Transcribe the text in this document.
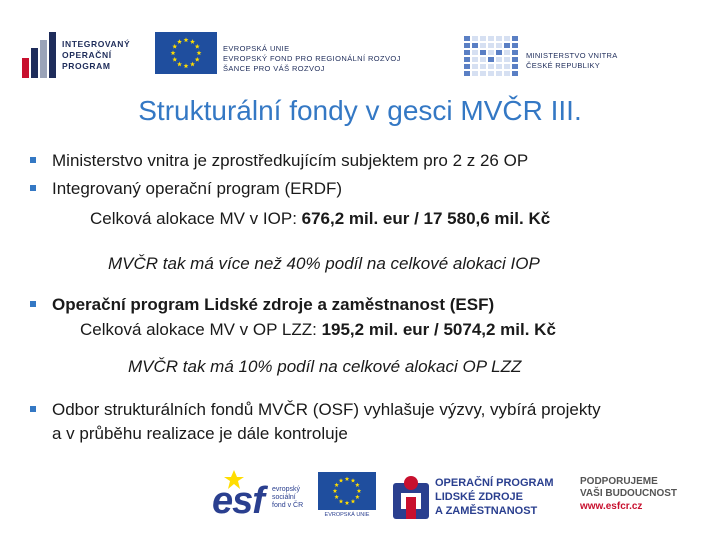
INTEGROVANÝ
OPERAČNÍ
PROGRAM
EVROPSKÁ UNIE
EVROPSKÝ FOND PRO REGIONÁLNÍ ROZVOJ
ŠANCE PRO VÁŠ ROZVOJ
MINISTERSTVO VNITRA
ČESKÉ REPUBLIKY
Strukturální fondy v gesci MVČR III.
Ministerstvo vnitra je zprostředkujícím subjektem pro 2 z 26 OP
Integrovaný operační program (ERDF)
Celková alokace MV v IOP: 676,2 mil. eur / 17 580,6 mil. Kč
MVČR tak má více než 40% podíl na celkové alokaci IOP
Operační program Lidské zdroje a zaměstnanost (ESF)
Celková alokace MV v OP LZZ: 195,2 mil. eur / 5074,2 mil. Kč
MVČR tak má 10% podíl na celkové alokaci OP LZZ
Odbor strukturálních fondů MVČR (OSF) vyhlašuje výzvy, vybírá projekty
a v průběhu realizace je dále kontroluje
esf evropský
sociální
fond v ČR
EVROPSKÁ UNIE
OPERAČNÍ PROGRAM
LIDSKÉ ZDROJE
A ZAMĚSTNANOST
PODPORUJEME
VAŠI BUDOUCNOST
www.esfcr.cz
